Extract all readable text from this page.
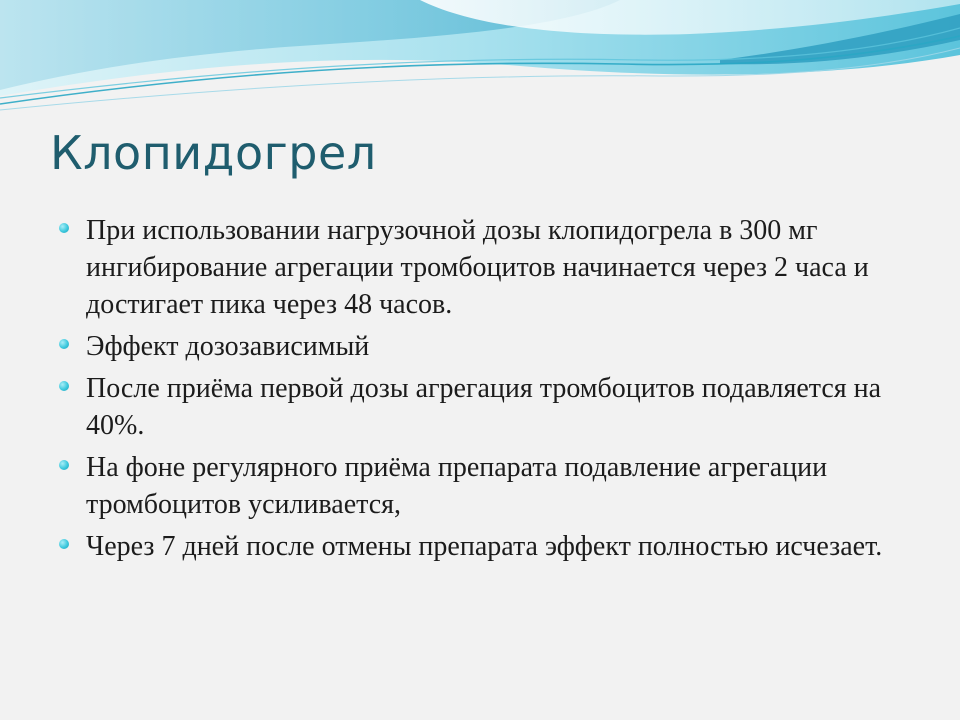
Клопидогрел
При использовании нагрузочной дозы клопидогрела в 300 мг ингибирование агрегации тромбоцитов начинается через 2 часа и достигает пика через 48 часов.
Эффект дозозависимый
После приёма первой дозы агрегация тромбоцитов подавляется на 40%.
На фоне регулярного приёма препарата подавление агрегации тромбоцитов усиливается,
Через 7 дней после отмены препарата эффект полностью исчезает.
